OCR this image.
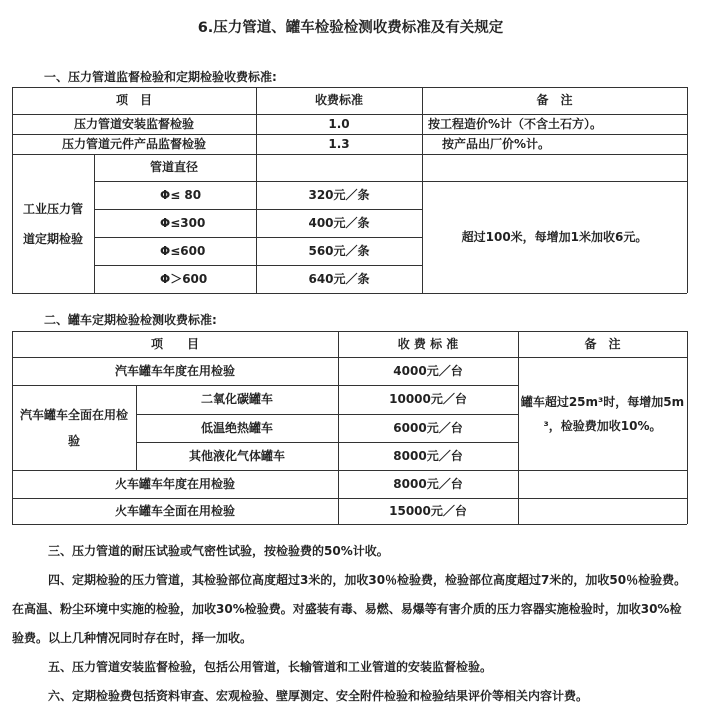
6.压力管道、罐车检验检测收费标准及有关规定
一、压力管道监督检验和定期检验收费标准:
项　目	收费标准	备　注
压力管道安装监督检验	1.0	按工程造价%计（不含土石方）。
压力管道元件产品监督检验	1.3	按产品出厂价%计。
工业压力管
道定期检验
管道直径
Φ≤ 80	320元／条
Φ≤300	400元／条
Φ≤600	560元／条
Φ＞600	640元／条
超过100米，每增加1米加收6元。
二、罐车定期检验检测收费标准:
项　　目	收 费 标 准	备　注
汽车罐车年度在用检验	4000元／台
汽车罐车全面在用检
验
二氧化碳罐车	10000元／台
低温绝热罐车	6000元／台
其他液化气体罐车	8000元／台
火车罐车年度在用检验	8000元／台
火车罐车全面在用检验	15000元／台
罐车超过25m³时，每增加5m
³，检验费加收10%。
三、压力管道的耐压试验或气密性试验，按检验费的50%计收。
四、定期检验的压力管道，其检验部位高度超过3米的，加收30％检验费，检验部位高度超过7米的，加收50％检验费。在高温、粉尘环境中实施的检验，加收30%检验费。对盛装有毒、易燃、易爆等有害介质的压力容器实施检验时，加收30%检验费。以上几种情况同时存在时，择一加收。
五、压力管道安装监督检验，包括公用管道，长输管道和工业管道的安装监督检验。
六、定期检验费包括资料审查、宏观检验、壁厚测定、安全附件检验和检验结果评价等相关内容计费。
